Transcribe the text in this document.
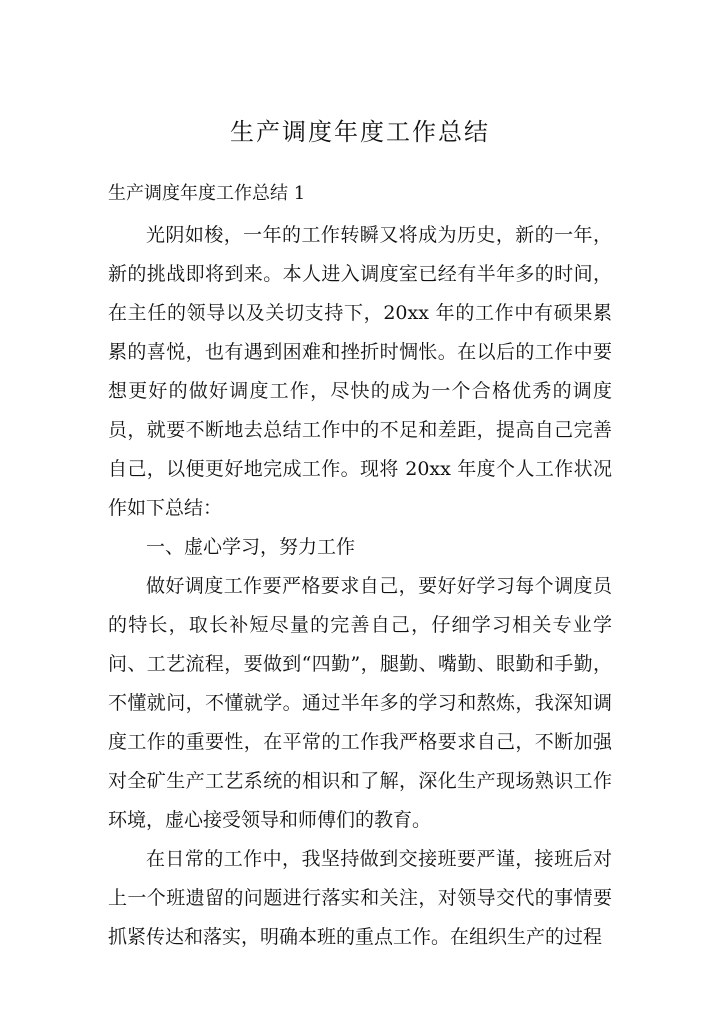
生产调度年度工作总结

生产调度年度工作总结 1

光阴如梭，一年的工作转瞬又将成为历史，新的一年，新的挑战即将到来。本人进入调度室已经有半年多的时间，在主任的领导以及关切支持下，20xx 年的工作中有硕果累累的喜悦，也有遇到困难和挫折时惆怅。在以后的工作中要想更好的做好调度工作，尽快的成为一个合格优秀的调度员，就要不断地去总结工作中的不足和差距，提高自己完善自己，以便更好地完成工作。现将 20xx 年度个人工作状况作如下总结：

一、虚心学习，努力工作

做好调度工作要严格要求自己，要好好学习每个调度员的特长，取长补短尽量的完善自己，仔细学习相关专业学问、工艺流程，要做到“四勤”，腿勤、嘴勤、眼勤和手勤，不懂就问，不懂就学。通过半年多的学习和熬炼，我深知调度工作的重要性，在平常的工作我严格要求自己，不断加强对全矿生产工艺系统的相识和了解，深化生产现场熟识工作环境，虚心接受领导和师傅们的教育。

在日常的工作中，我坚持做到交接班要严谨，接班后对上一个班遗留的问题进行落实和关注，对领导交代的事情要抓紧传达和落实，明确本班的重点工作。在组织生产的过程
